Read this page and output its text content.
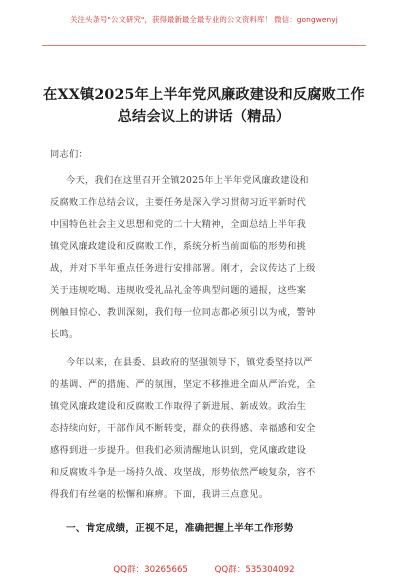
关注头条号"公文研究"，获得最新最全最专业的公文资料库！ 微信：gongwenyj
在XX镇2025年上半年党风廉政建设和反腐败工作
总结会议上的讲话（精品）
同志们：
今天，我们在这里召开全镇2025年上半年党风廉政建设和
反腐败工作总结会议，主要任务是深入学习贯彻习近平新时代
中国特色社会主义思想和党的二十大精神，全面总结上半年我
镇党风廉政建设和反腐败工作，系统分析当前面临的形势和挑
战，并对下半年重点任务进行安排部署。刚才，会议传达了上级
关于违规吃喝、违规收受礼品礼金等典型问题的通报，这些案
例触目惊心、教训深刻，我们每一位同志都必须引以为戒，警钟
长鸣。
今年以来，在县委、县政府的坚强领导下，镇党委坚持以严
的基调、严的措施、严的氛围，坚定不移推进全面从严治党，全
镇党风廉政建设和反腐败工作取得了新进展、新成效。政治生
态持续向好，干部作风不断转变，群众的获得感、幸福感和安全
感得到进一步提升。但我们必须清醒地认识到，党风廉政建设
和反腐败斗争是一场持久战、攻坚战，形势依然严峻复杂，容不
得我们有丝毫的松懈和麻痹。下面，我讲三点意见。
一、肯定成绩，正视不足，准确把握上半年工作形势
QQ群：30265665	QQ群：535304092
